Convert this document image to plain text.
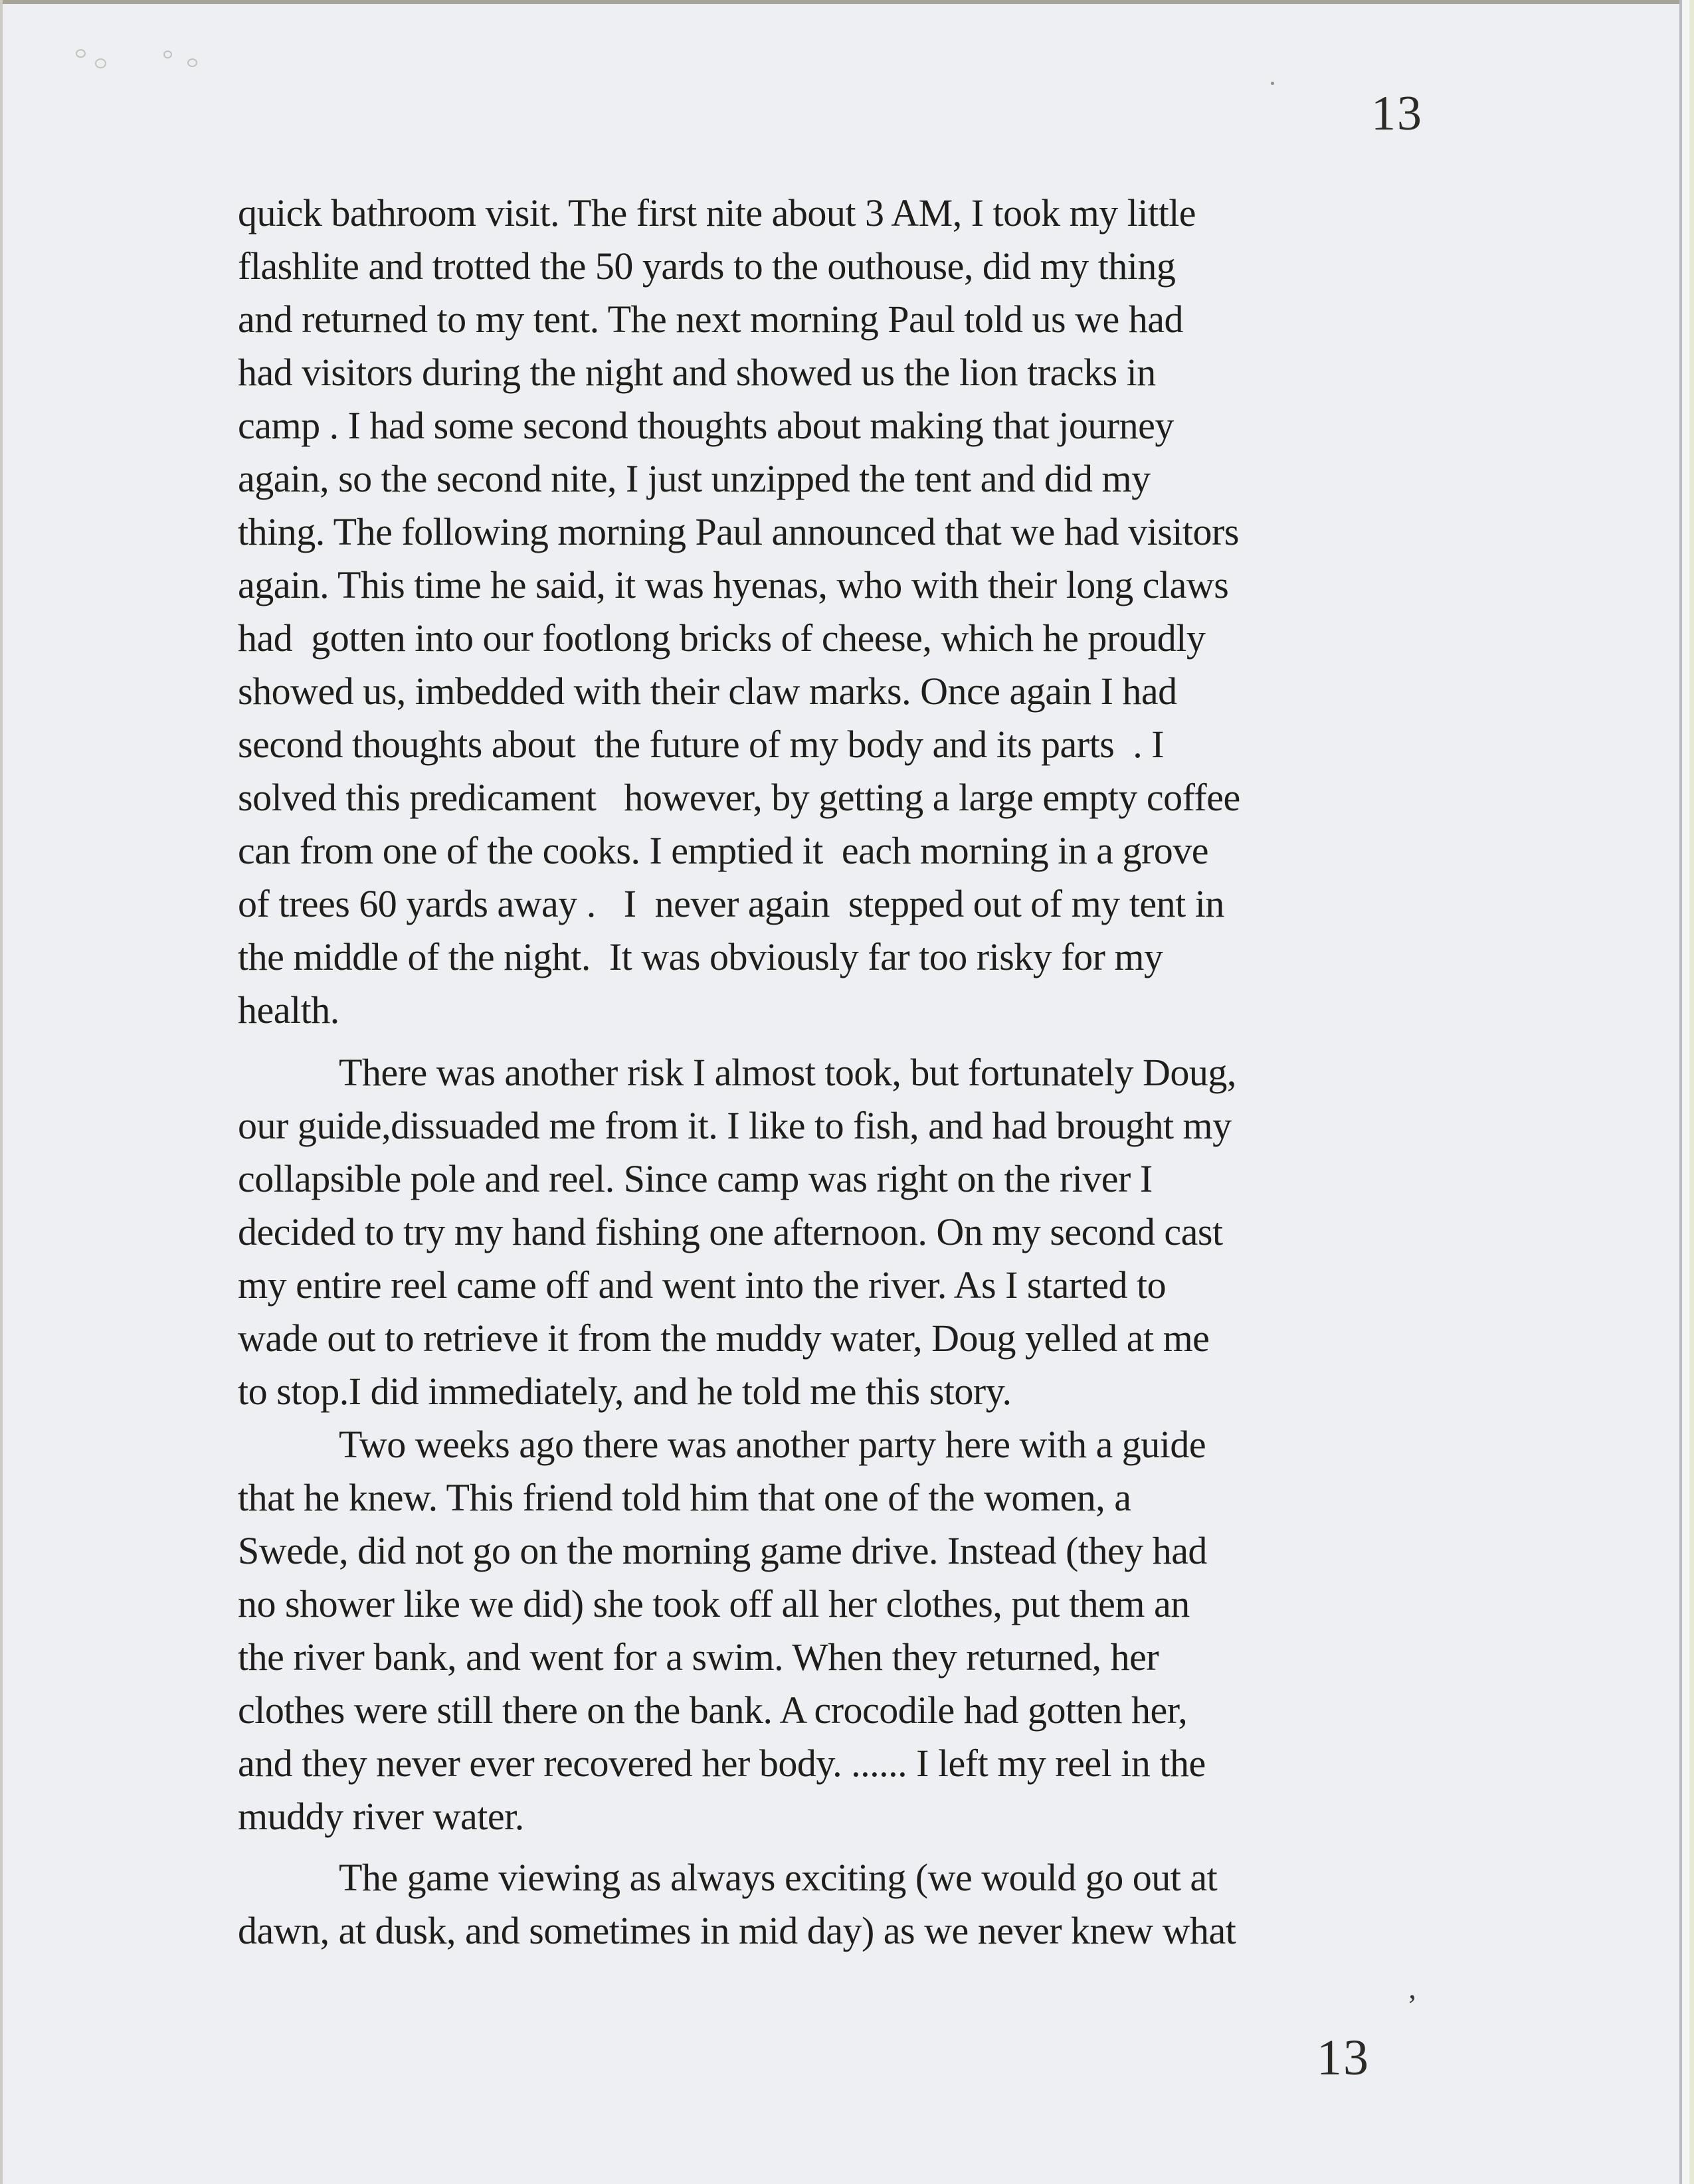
’
13
quick bathroom visit. The first nite about 3 AM, I took my little
flashlite and trotted the 50 yards to the outhouse, did my thing
and returned to my tent. The next morning Paul told us we had
had visitors during the night and showed us the lion tracks in
camp . I had some second thoughts about making that journey
again, so the second nite, I just unzipped the tent and did my
thing. The following morning Paul announced that we had visitors
again. This time he said, it was hyenas, who with their long claws
had  gotten into our footlong bricks of cheese, which he proudly
showed us, imbedded with their claw marks. Once again I had
second thoughts about  the future of my body and its parts  . I
solved this predicament   however, by getting a large empty coffee
can from one of the cooks. I emptied it  each morning in a grove
of trees 60 yards away .   I  never again  stepped out of my tent in
the middle of the night.  It was obviously far too risky for my
health.
There was another risk I almost took, but fortunately Doug,
our guide,dissuaded me from it. I like to fish, and had brought my
collapsible pole and reel. Since camp was right on the river I
decided to try my hand fishing one afternoon. On my second cast
my entire reel came off and went into the river. As I started to
wade out to retrieve it from the muddy water, Doug yelled at me
to stop.I did immediately, and he told me this story.
Two weeks ago there was another party here with a guide
that he knew. This friend told him that one of the women, a
Swede, did not go on the morning game drive. Instead (they had
no shower like we did) she took off all her clothes, put them an
the river bank, and went for a swim. When they returned, her
clothes were still there on the bank. A crocodile had gotten her,
and they never ever recovered her body. ...... I left my reel in the
muddy river water.
The game viewing as always exciting (we would go out at
dawn, at dusk, and sometimes in mid day) as we never knew what

13
